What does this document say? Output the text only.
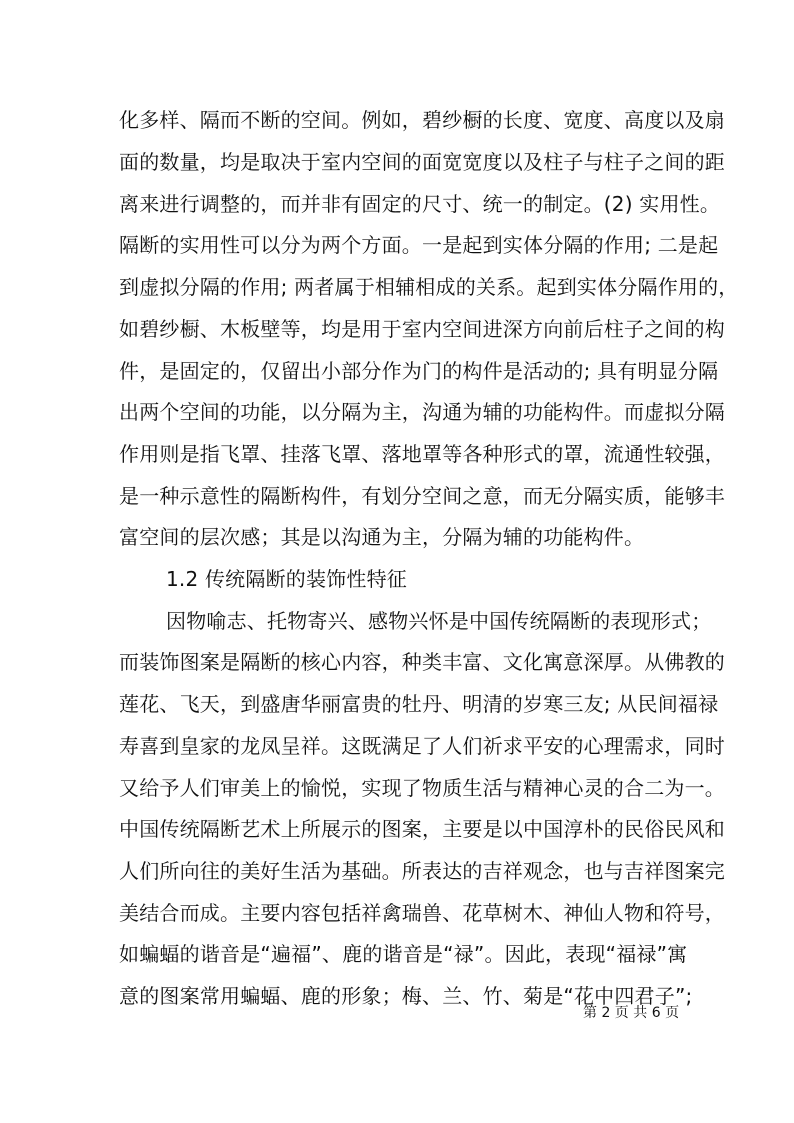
化多样、隔而不断的空间。例如，碧纱橱的长度、宽度、高度以及扇
面的数量，均是取决于室内空间的面宽宽度以及柱子与柱子之间的距
离来进行调整的，而并非有固定的尺寸、统一的制定。(2) 实用性。
隔断的实用性可以分为两个方面。一是起到实体分隔的作用; 二是起
到虚拟分隔的作用; 两者属于相辅相成的关系。起到实体分隔作用的，
如碧纱橱、木板壁等，均是用于室内空间进深方向前后柱子之间的构
件，是固定的，仅留出小部分作为门的构件是活动的; 具有明显分隔
出两个空间的功能，以分隔为主，沟通为辅的功能构件。而虚拟分隔
作用则是指飞罩、挂落飞罩、落地罩等各种形式的罩，流通性较强，
是一种示意性的隔断构件，有划分空间之意，而无分隔实质，能够丰
富空间的层次感；其是以沟通为主，分隔为辅的功能构件。
1.2 传统隔断的装饰性特征
因物喻志、托物寄兴、感物兴怀是中国传统隔断的表现形式；
而装饰图案是隔断的核心内容，种类丰富、文化寓意深厚。从佛教的
莲花、飞天，到盛唐华丽富贵的牡丹、明清的岁寒三友; 从民间福禄
寿喜到皇家的龙凤呈祥。这既满足了人们祈求平安的心理需求，同时
又给予人们审美上的愉悦，实现了物质生活与精神心灵的合二为一。
中国传统隔断艺术上所展示的图案，主要是以中国淳朴的民俗民风和
人们所向往的美好生活为基础。所表达的吉祥观念，也与吉祥图案完
美结合而成。主要内容包括祥禽瑞兽、花草树木、神仙人物和符号，
如蝙蝠的谐音是“遍福”、鹿的谐音是“禄”。因此，表现“福禄”寓
意的图案常用蝙蝠、鹿的形象；梅、兰、竹、菊是“花中四君子”;
第 2 页 共 6 页
